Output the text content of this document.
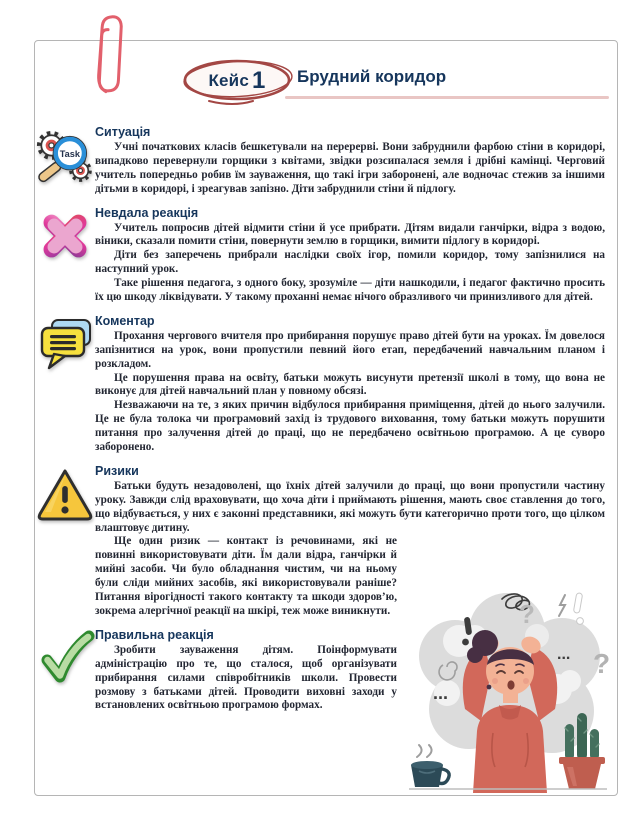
Кейс 1	Брудний коридор
Task
Ситуація

Учні початкових класів бешкетували на перерерві. Вони забруднили фарбою стіни в коридорі, випадково перевернули горщики з квітами, звідки розсипалася земля і дрібні камінці. Черговий учитель попередньо робив їм зауваження, що такі ігри заборонені, але водночас стежив за іншими дітьми в коридорі, і зреагував запізно. Діти забруднили стіни й підлогу.

Невдала реакція

Учитель попросив дітей відмити стіни й усе прибрати. Дітям видали ганчірки, відра з водою, віники, сказали помити стіни, повернути землю в горщики, вимити підлогу в коридорі.

Діти без заперечень прибрали наслідки своїх ігор, помили коридор, тому запізнилися на наступний урок.

Таке рішення педагога, з одного боку, зрозуміле — діти нашкодили, і педагог фактично просить їх цю шкоду ліквідувати. У такому проханні немає нічого образливого чи принизливого для дітей.

Коментар

Прохання чергового вчителя про прибирання порушує право дітей бути на уроках. Їм довелося запізнитися на урок, вони пропустили певний його етап, передбачений навчальним планом і розкладом.

Це порушення права на освіту, батьки можуть висунути претензії школі в тому, що вона не виконує для дітей навчальний план у повному обсязі.

Незважаючи на те, з яких причин відбулося прибирання приміщення, дітей до нього залучили. Це не була толока чи програмовий захід із трудового виховання, тому батьки можуть порушити питання про залучення дітей до праці, що не передбачено освітньою програмою. А це суворо заборонено.

Ризики

Батьки будуть незадоволені, що їхніх дітей залучили до праці, що вони пропустили частину уроку. Завжди слід враховувати, що хоча діти і приймають рішення, мають своє ставлення до того, що відбувається, у них є законні представники, які можуть бути категорично проти того, що цілком влаштовує дитину.

Ще один ризик — контакт із речовинами, які не повинні використовувати діти. Їм дали відра, ганчірки й мийні засоби. Чи було обладнання чистим, чи на ньому були сліди мийних засобів, які використовували раніше? Питання вірогідності такого контакту та шкоди здоров’ю, зокрема алергічної реакції на шкірі, теж може виникнути.

Правильна реакція

Зробити зауваження дітям. Поінформувати адміністрацію про те, що сталося, щоб організувати прибирання силами співробітників школи. Провести розмову з батьками дітей. Проводити виховні заходи у встановлених освітньою програмою формах.

?
?
...
...
